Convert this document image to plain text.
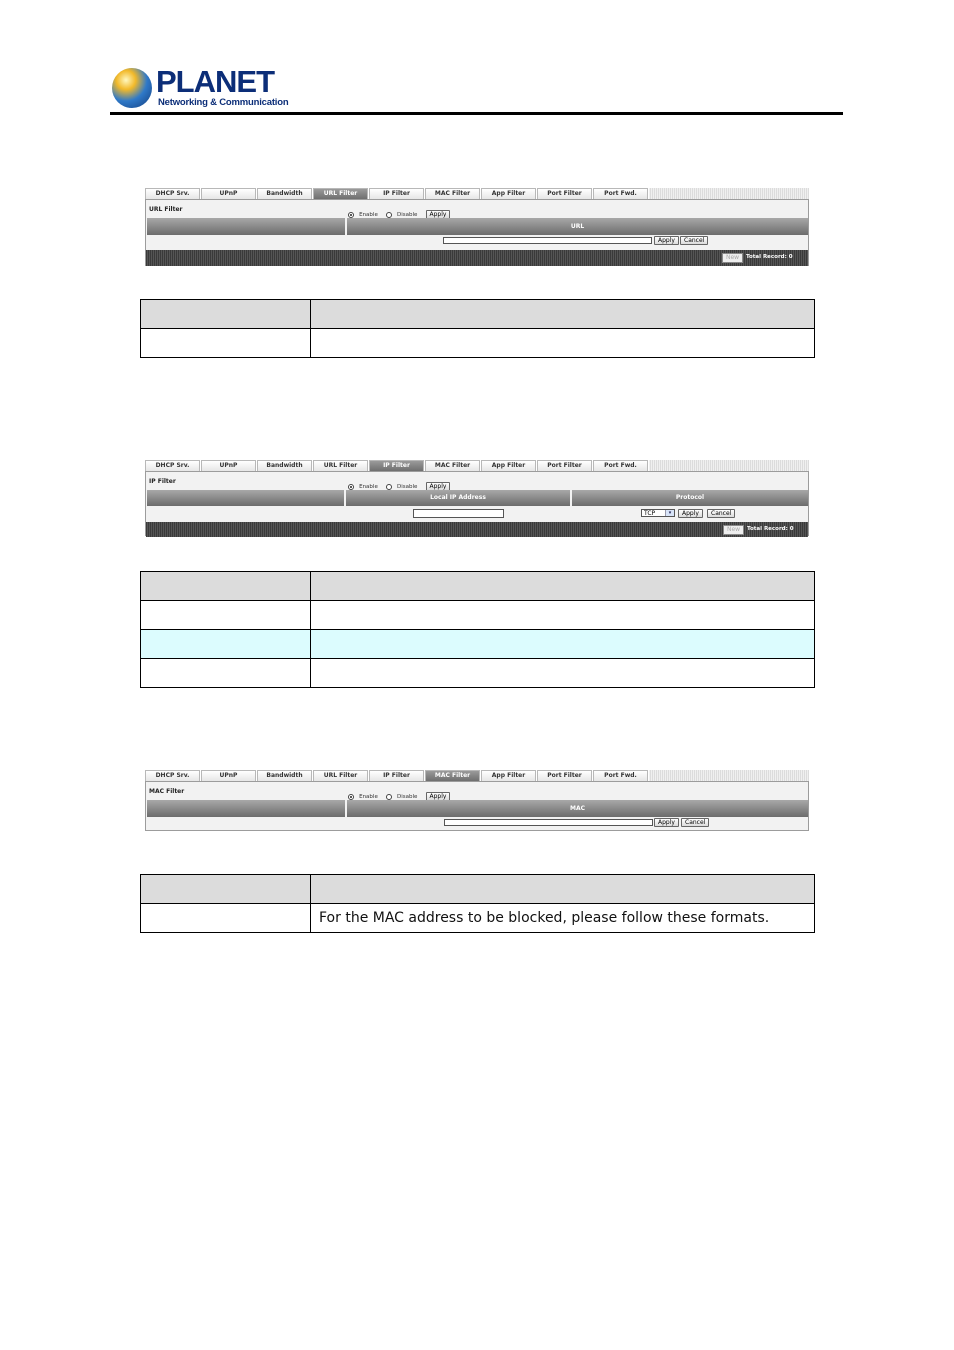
PLANET
Networking & Communication
DHCP Srv.	UPnP	Bandwidth	URL Filter	IP Filter	MAC Filter	App Filter	Port Filter	Port Fwd.
URL Filter
Enable	Disable Apply
URL
Apply	Cancel
New	Total Record: 0

DHCP Srv.	UPnP	Bandwidth	URL Filter	IP Filter	MAC Filter	App Filter	Port Filter	Port Fwd.
IP Filter
Enable	Disable Apply
Local IP Address	Protocol
TCP	▾	Apply	Cancel
New	Total Record: 0

DHCP Srv.	UPnP	Bandwidth	URL Filter	IP Filter	MAC Filter	App Filter	Port Filter	Port Fwd.
MAC Filter
Enable	Disable Apply
MAC
Apply	Cancel

	For the MAC address to be blocked, please follow these formats.
